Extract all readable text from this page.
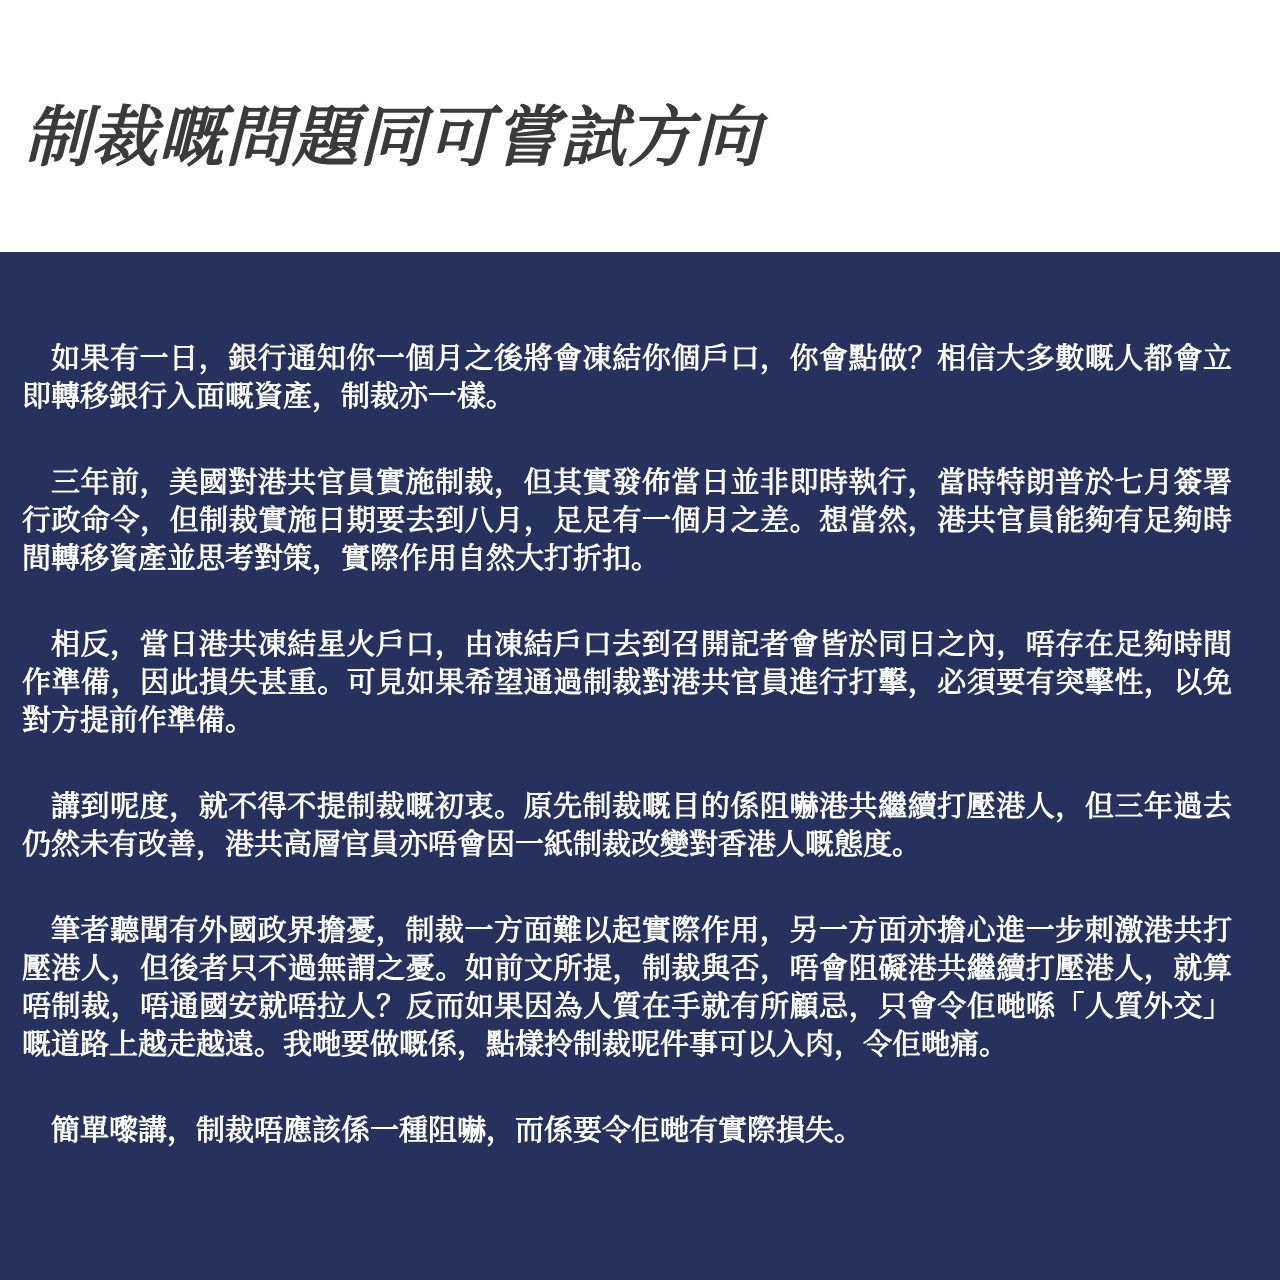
制裁嘅問題同可嘗試方向

如果有一日，銀行通知你一個月之後將會凍結你個戶口，你會點做？相信大多數嘅人都會立即轉移銀行入面嘅資產，制裁亦一樣。

三年前，美國對港共官員實施制裁，但其實發佈當日並非即時執行，當時特朗普於七月簽署行政命令，但制裁實施日期要去到八月，足足有一個月之差。想當然，港共官員能夠有足夠時間轉移資產並思考對策，實際作用自然大打折扣。

相反，當日港共凍結星火戶口，由凍結戶口去到召開記者會皆於同日之內，唔存在足夠時間作準備，因此損失甚重。可見如果希望通過制裁對港共官員進行打擊，必須要有突擊性，以免對方提前作準備。

講到呢度，就不得不提制裁嘅初衷。原先制裁嘅目的係阻嚇港共繼續打壓港人，但三年過去仍然未有改善，港共高層官員亦唔會因一紙制裁改變對香港人嘅態度。

筆者聽聞有外國政界擔憂，制裁一方面難以起實際作用，另一方面亦擔心進一步刺激港共打壓港人，但後者只不過無謂之憂。如前文所提，制裁與否，唔會阻礙港共繼續打壓港人，就算唔制裁，唔通國安就唔拉人？反而如果因為人質在手就有所顧忌，只會令佢哋喺「人質外交」嘅道路上越走越遠。我哋要做嘅係，點樣拎制裁呢件事可以入肉，令佢哋痛。

簡單嚟講，制裁唔應該係一種阻嚇，而係要令佢哋有實際損失。
